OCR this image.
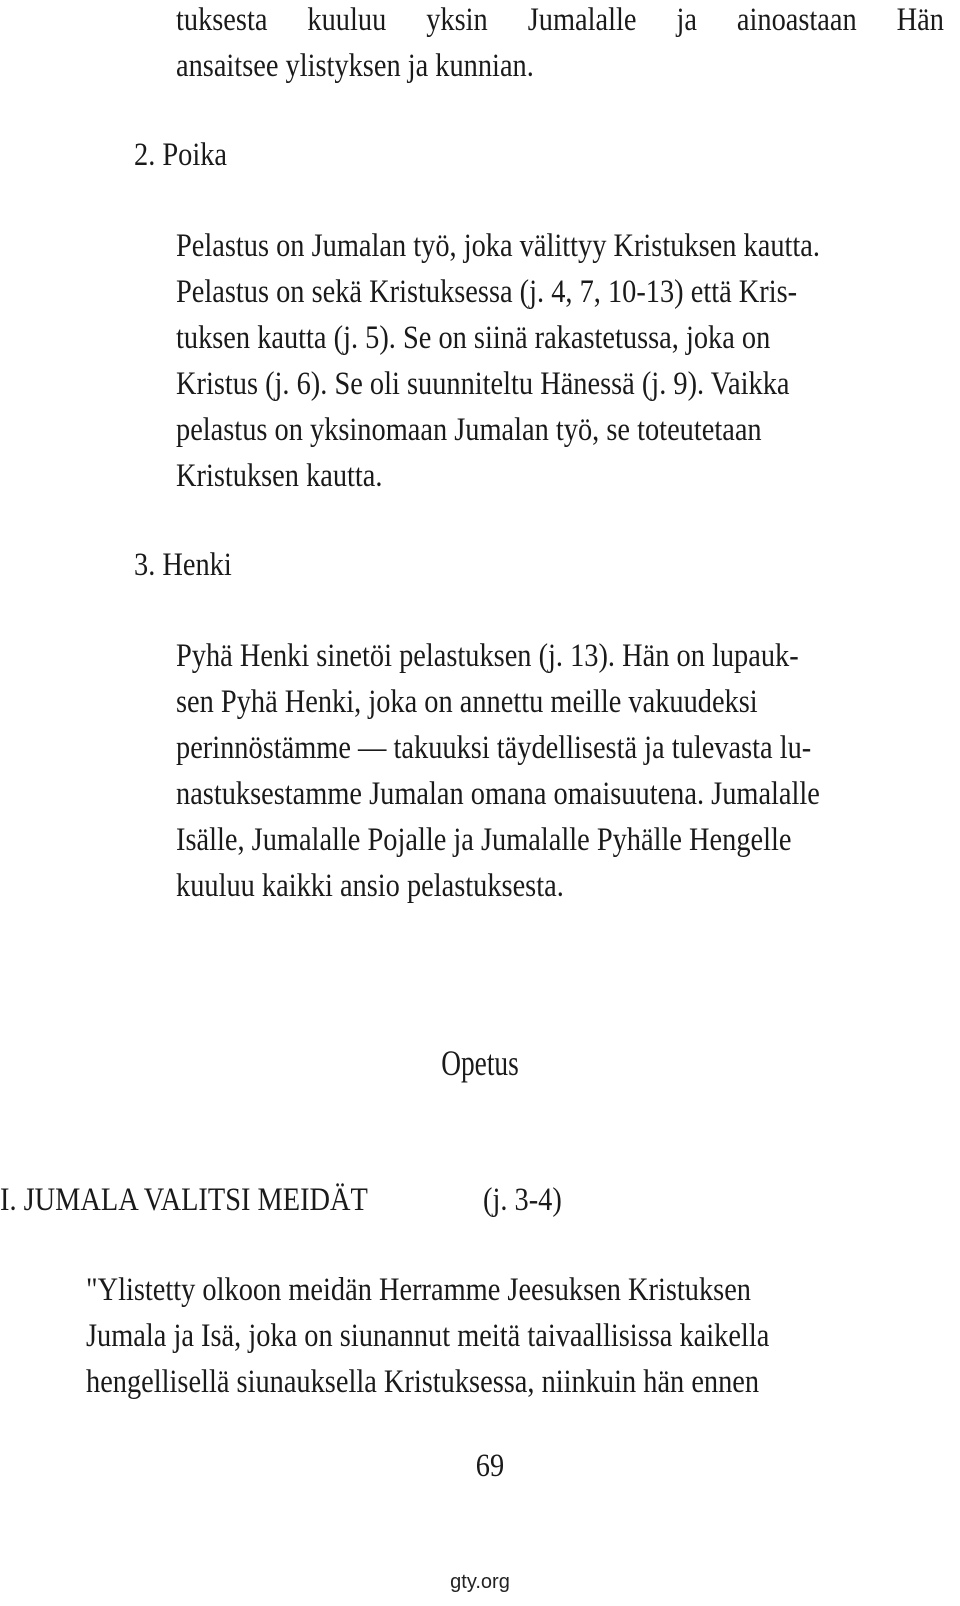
tuksesta kuuluu yksin Jumalalle ja ainoastaan Hän
ansaitsee ylistyksen ja kunnian.
2. Poika
Pelastus on Jumalan työ, joka välittyy Kristuksen kautta.
Pelastus on sekä Kristuksessa (j. 4, 7, 10-13) että Kris-
tuksen kautta (j. 5). Se on siinä rakastetussa, joka on
Kristus (j. 6). Se oli suunniteltu Hänessä (j. 9). Vaikka
pelastus on yksinomaan Jumalan työ, se toteutetaan
Kristuksen kautta.
3. Henki
Pyhä Henki sinetöi pelastuksen (j. 13). Hän on lupauk-
sen Pyhä Henki, joka on annettu meille vakuudeksi
perinnöstämme — takuuksi täydellisestä ja tulevasta lu-
nastuksestamme Jumalan omana omaisuutena. Jumalalle
Isälle, Jumalalle Pojalle ja Jumalalle Pyhälle Hengelle
kuuluu kaikki ansio pelastuksesta.
Opetus
I. JUMALA VALITSI MEIDÄT	(j. 3-4)
"Ylistetty olkoon meidän Herramme Jeesuksen Kristuksen
Jumala ja Isä, joka on siunannut meitä taivaallisissa kaikella
hengellisellä siunauksella Kristuksessa, niinkuin hän ennen
69
gty.org
